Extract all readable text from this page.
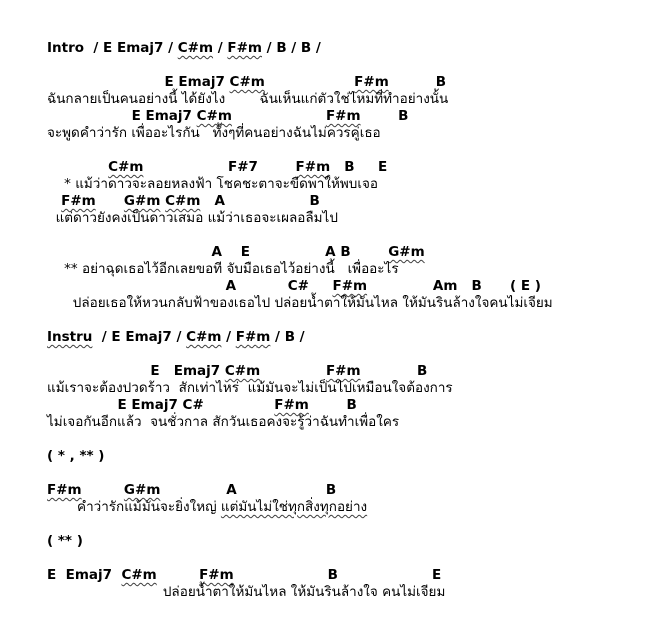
Intro  / E Emaj7 / C#m / F#m / B / B /
E Emaj7 C#m	F#m          B
ฉันกลายเป็นคนอย่างนี้ ได้ยังไง        ฉันเห็นแก่ตัวใช่ไหมที่ทำอย่างนั้น
E Emaj7 C#m	F#m        B
จะพูดคำว่ารัก เพื่ออะไรกัน   ทั้งๆที่คนอย่างฉันไม่ควรคู่เธอ
C#m                  F#7        F#m   B     E
* แม้ว่าดาวจะลอยหลงฟ้า โชคชะตาจะขีดพาให้พบเจอ
F#m G#m C#m   A                  B
แต่ดาวยังคงเป็นดาวเสมอ แม้ว่าเธอจะเผลอลืมไป
A    E                A B        G#m
** อย่าฉุดเธอไว้อีกเลยขอที จับมือเธอไว้อย่างนี้   เพื่ออะไร
A           C#     F#m              Am   B      ( E )
ปล่อยเธอให้หวนกลับฟ้าของเธอไป ปล่อยน้ำตาให้มันไหล ให้มันรินล้างใจคนไม่เจียม
Instru  / E Emaj7 / C#m / F#m / B /
E   Emaj7 C#m	F#m            B
แม้เราจะต้องปวดร้าว  สักเท่าไหร่  แม้มันจะไม่เป็นไปเหมือนใจต้องการ
E Emaj7 C#               F#m        B
ไม่เจอกันอีกแล้ว  จนชั่วกาล สักวันเธอคงจะรู้ว่าฉันทำเพื่อใคร
( * , ** )
F#m	G#m              A                   B
คำว่ารักแม้มันจะยิ่งใหญ่ แต่มันไม่ใช่ทุกสิ่งทุกอย่าง
( ** )
E  Emaj7  C#m	F#m                    B                    E
ปล่อยน้ำตาให้มันไหล ให้มันรินล้างใจ คนไม่เจียม
